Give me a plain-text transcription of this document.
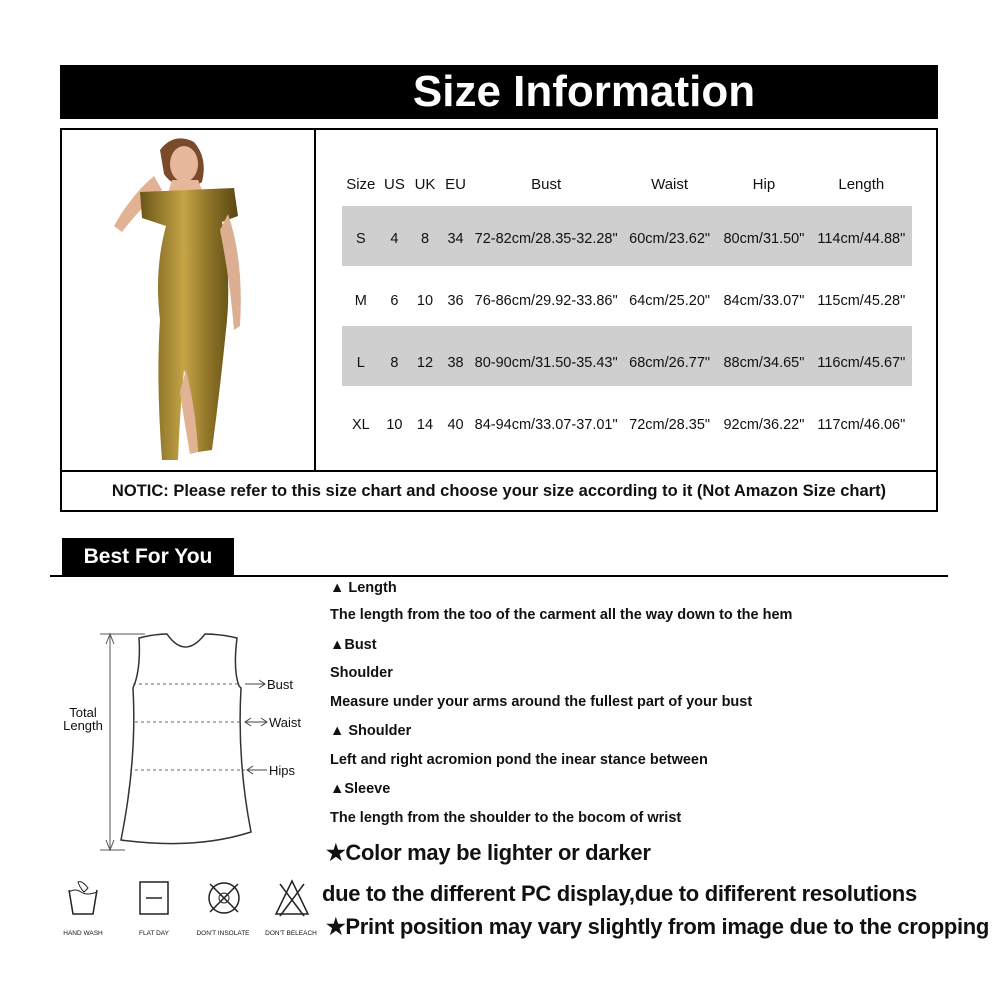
Size Information
Size	US	UK	EU	Bust	Waist	Hip	Length
S	4	8	34	72-82cm/28.35-32.28"	60cm/23.62"	80cm/31.50"	114cm/44.88"
M	6	10	36	76-86cm/29.92-33.86"	64cm/25.20"	84cm/33.07"	115cm/45.28"
L	8	12	38	80-90cm/31.50-35.43"	68cm/26.77"	88cm/34.65"	116cm/45.67"
XL	10	14	40	84-94cm/33.07-37.01"	72cm/28.35"	92cm/36.22"	117cm/46.06"
NOTIC: Please refer to this size chart and choose your size according to it (Not Amazon Size chart)
Best For You
Total
Length
Bust
Waist
Hips
▲ Length
The length from the too of the carment all the way down to the hem
▲Bust
Shoulder
Measure under your arms around the fullest part of your bust
▲ Shoulder
Left and right acromion pond the inear stance between
▲Sleeve
The length from the shoulder to the bocom of wrist
★Color may be lighter or darker
due to the different PC display,due to dififerent resolutions
★Print position may vary slightly from image due to the cropping
HAND WASH	FLAT DAY	DON'T INSOLATE	DON'T BELEACH
